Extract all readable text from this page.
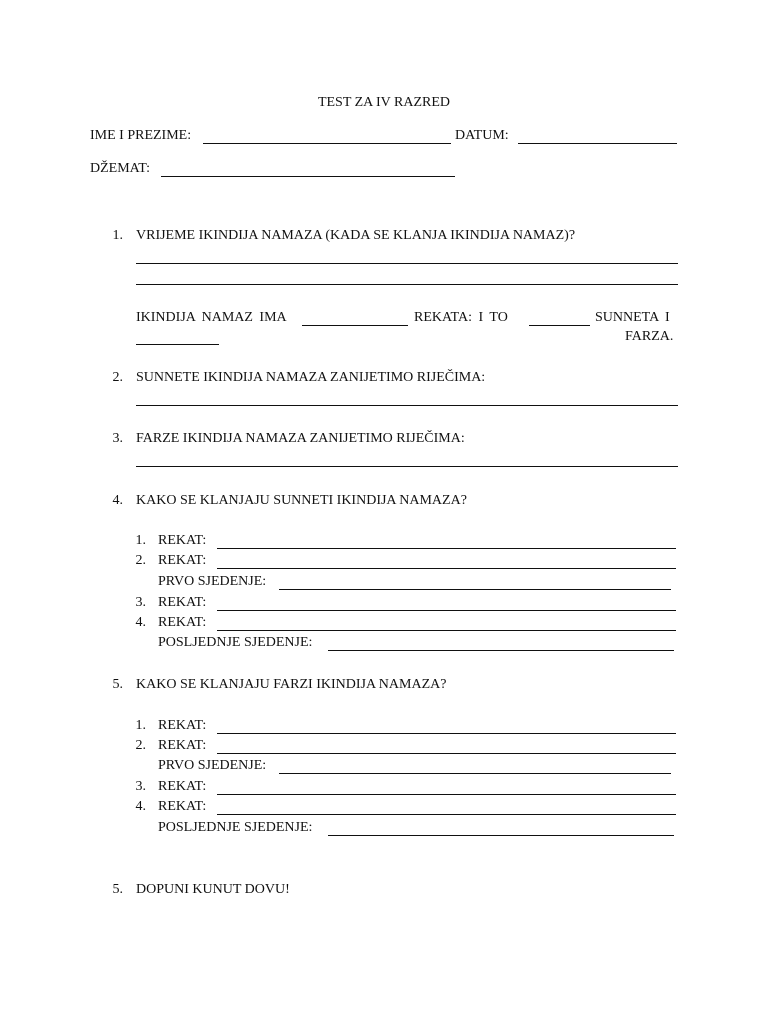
TEST ZA IV RAZRED
IME I PREZIME:	DATUM:
DŽEMAT:
1. VRIJEME IKINDIJA NAMAZA (KADA SE KLANJA IKINDIJA NAMAZ)?
IKINDIJA NAMAZ IMA	REKATA: I TO	SUNNETA I
FARZA.
2. SUNNETE IKINDIJA NAMAZA ZANIJETIMO RIJEČIMA:
3. FARZE IKINDIJA NAMAZA ZANIJETIMO RIJEČIMA:
4. KAKO SE KLANJAJU SUNNETI IKINDIJA NAMAZA?
1. REKAT:
2. REKAT:
PRVO SJEDENJE:
3. REKAT:
4. REKAT:
POSLJEDNJE SJEDENJE:
5. KAKO SE KLANJAJU FARZI IKINDIJA NAMAZA?
1. REKAT:
2. REKAT:
PRVO SJEDENJE:
3. REKAT:
4. REKAT:
POSLJEDNJE SJEDENJE:
5. DOPUNI KUNUT DOVU!
